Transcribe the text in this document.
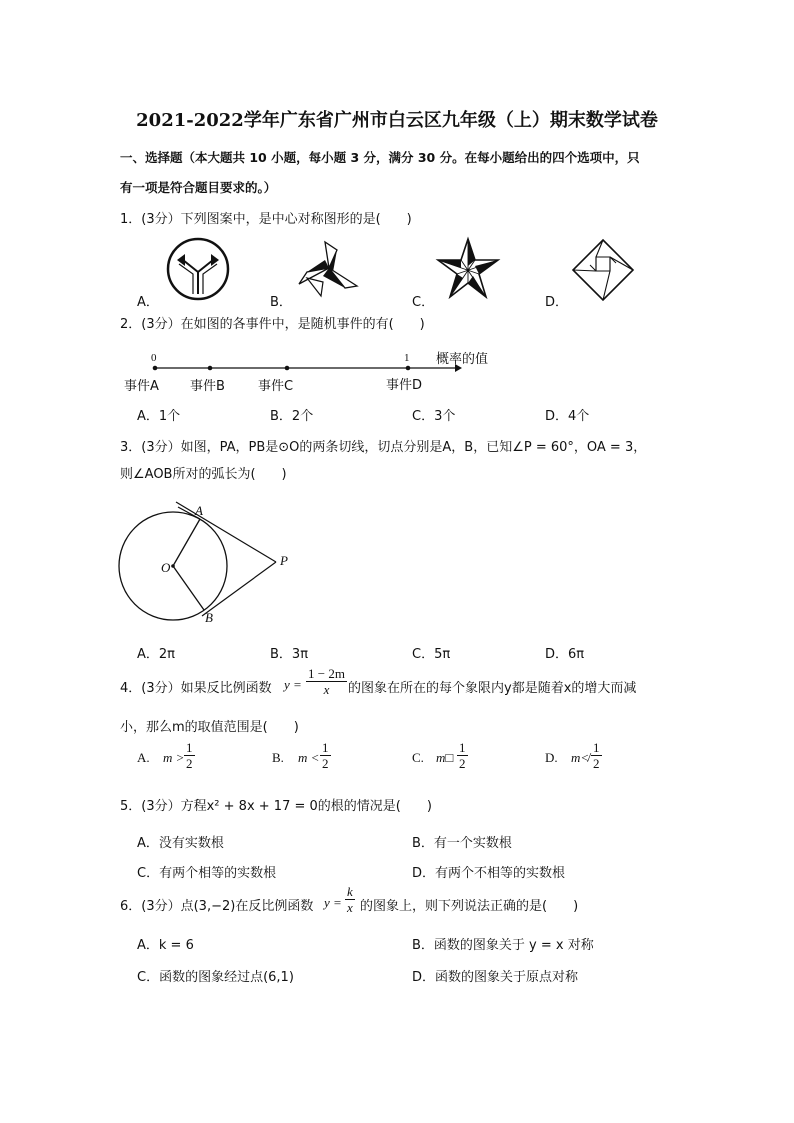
2021-2022学年广东省广州市白云区九年级（上）期末数学试卷
一、选择题（本大题共 10 小题，每小题 3 分，满分 30 分。在每小题给出的四个选项中，只
有一项是符合题目要求的。）
1．(3分）下列图案中，是中心对称图形的是(　　)
A．	B．	C．	D．
2．(3分）在如图的各事件中，是随机事件的有(　　)
0	1 概率的值
事件A 事件B	事件C	事件D
A．1个	B．2个	C．3个	D．4个
3．(3分）如图，PA，PB是⊙O的两条切线，切点分别是A，B，已知∠P = 60°，OA = 3，
则∠AOB所对的弧长为(　　)
A
O	P
B
A．2π	B．3π	C．5π	D．6π
4．(3分）如果反比例函数 $y = \frac{1 - 2m}{x}$ 的图象在所在的每个象限内y都是随着x的增大而减
小，那么m的取值范围是(　　)
A. $m > \frac{1}{2}$	B. $m < \frac{1}{2}$	C. m□ $\frac{1}{2}$	D. m≮ $\frac{1}{2}$
5．(3分）方程x² + 8x + 17 = 0的根的情况是(　　)
A．没有实数根	B．有一个实数根
C．有两个相等的实数根	D．有两个不相等的实数根
6．(3分）点(3,−2)在反比例函数 $y = \frac{k}{x}$ 的图象上，则下列说法正确的是(　　)
A．k = 6	B．函数的图象关于 y = x 对称
C．函数的图象经过点(6,1)	D．函数的图象关于原点对称
